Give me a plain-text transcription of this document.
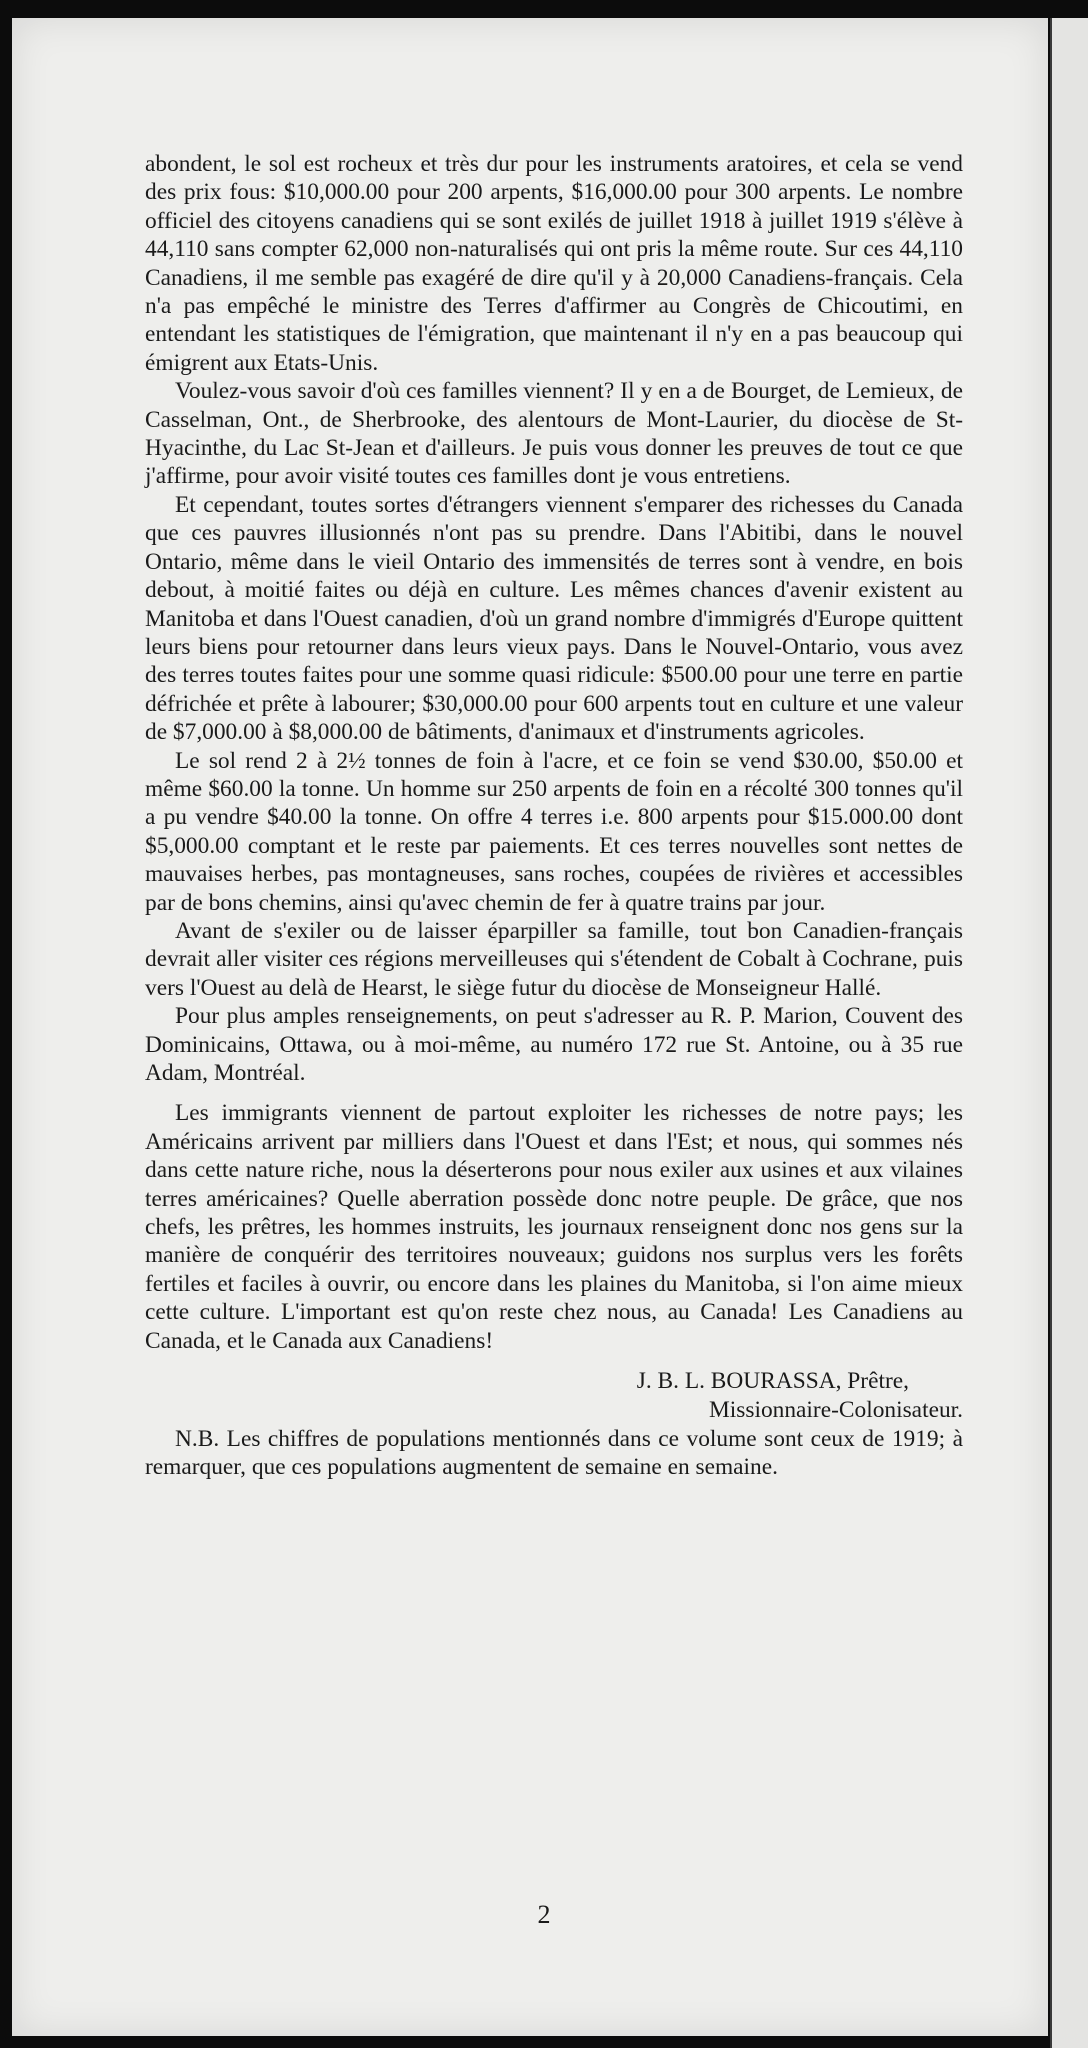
abondent, le sol est rocheux et très dur pour les instruments aratoires, et cela se vend des prix fous: $10,000.00 pour 200 arpents, $16,000.00 pour 300 arpents. Le nombre officiel des citoyens canadiens qui se sont exilés de juillet 1918 à juillet 1919 s'élève à 44,110 sans compter 62,000 non-naturalisés qui ont pris la même route. Sur ces 44,110 Canadiens, il me semble pas exagéré de dire qu'il y à 20,000 Canadiens-français. Cela n'a pas empêché le ministre des Terres d'affirmer au Congrès de Chicoutimi, en entendant les statistiques de l'émigration, que maintenant il n'y en a pas beaucoup qui émigrent aux Etats-Unis.

Voulez-vous savoir d'où ces familles viennent? Il y en a de Bourget, de Lemieux, de Casselman, Ont., de Sherbrooke, des alentours de Mont-Laurier, du diocèse de St-Hyacinthe, du Lac St-Jean et d'ailleurs. Je puis vous donner les preuves de tout ce que j'affirme, pour avoir visité toutes ces familles dont je vous entretiens.

Et cependant, toutes sortes d'étrangers viennent s'emparer des richesses du Canada que ces pauvres illusionnés n'ont pas su prendre. Dans l'Abitibi, dans le nouvel Ontario, même dans le vieil Ontario des immensités de terres sont à vendre, en bois debout, à moitié faites ou déjà en culture. Les mêmes chances d'avenir existent au Manitoba et dans l'Ouest canadien, d'où un grand nombre d'immigrés d'Europe quittent leurs biens pour retourner dans leurs vieux pays. Dans le Nouvel-Ontario, vous avez des terres toutes faites pour une somme quasi ridicule: $500.00 pour une terre en partie défrichée et prête à labourer; $30,000.00 pour 600 arpents tout en culture et une valeur de $7,000.00 à $8,000.00 de bâtiments, d'animaux et d'instruments agricoles.

Le sol rend 2 à 2½ tonnes de foin à l'acre, et ce foin se vend $30.00, $50.00 et même $60.00 la tonne. Un homme sur 250 arpents de foin en a récolté 300 tonnes qu'il a pu vendre $40.00 la tonne. On offre 4 terres i.e. 800 arpents pour $15.000.00 dont $5,000.00 comptant et le reste par paiements. Et ces terres nouvelles sont nettes de mauvaises herbes, pas montagneuses, sans roches, coupées de rivières et accessibles par de bons chemins, ainsi qu'avec chemin de fer à quatre trains par jour.

Avant de s'exiler ou de laisser éparpiller sa famille, tout bon Canadien-français devrait aller visiter ces régions merveilleuses qui s'étendent de Cobalt à Cochrane, puis vers l'Ouest au delà de Hearst, le siège futur du diocèse de Monseigneur Hallé.

Pour plus amples renseignements, on peut s'adresser au R. P. Marion, Couvent des Dominicains, Ottawa, ou à moi-même, au numéro 172 rue St. Antoine, ou à 35 rue Adam, Montréal.

Les immigrants viennent de partout exploiter les richesses de notre pays; les Américains arrivent par milliers dans l'Ouest et dans l'Est; et nous, qui sommes nés dans cette nature riche, nous la déserterons pour nous exiler aux usines et aux vilaines terres américaines? Quelle aberration possède donc notre peuple. De grâce, que nos chefs, les prêtres, les hommes instruits, les journaux renseignent donc nos gens sur la manière de conquérir des territoires nouveaux; guidons nos surplus vers les forêts fertiles et faciles à ouvrir, ou encore dans les plaines du Manitoba, si l'on aime mieux cette culture. L'important est qu'on reste chez nous, au Canada! Les Canadiens au Canada, et le Canada aux Canadiens!

J. B. L. BOURASSA, Prêtre,
Missionnaire-Colonisateur.

N.B. Les chiffres de populations mentionnés dans ce volume sont ceux de 1919; à remarquer, que ces populations augmentent de semaine en semaine.

2
